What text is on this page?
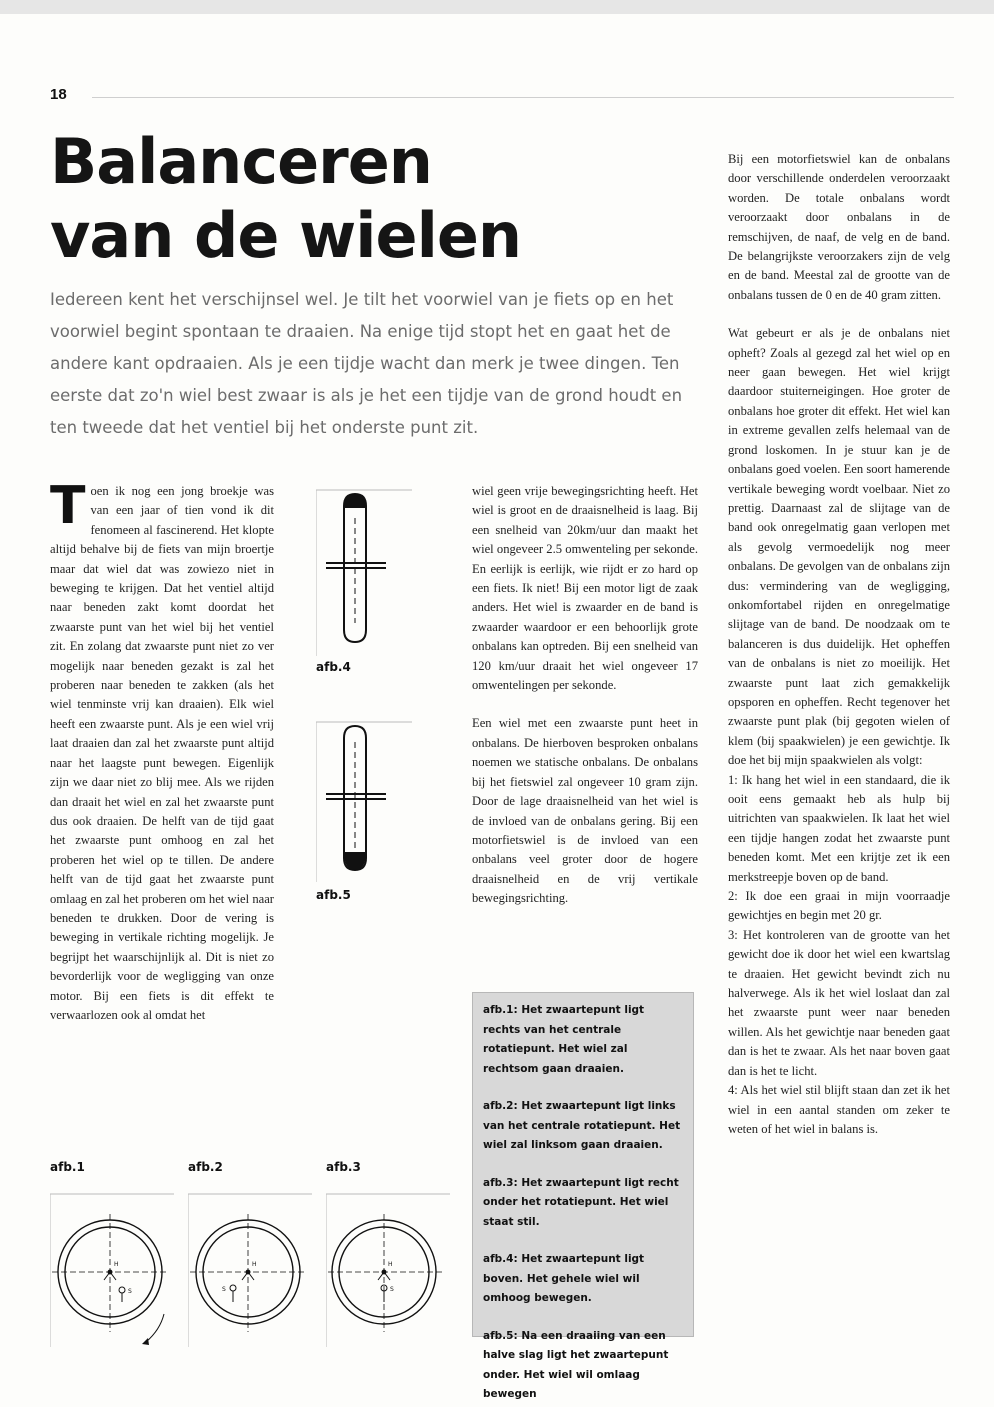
18
Balanceren
van de wielen

Iedereen kent het verschijnsel wel. Je tilt het voorwiel van je fiets op en het voorwiel begint spontaan te draaien. Na enige tijd stopt het en gaat het de andere kant opdraaien. Als je een tijdje wacht dan merk je twee dingen. Ten eerste dat zo'n wiel best zwaar is als je het een tijdje van de grond houdt en ten tweede dat het ventiel bij het onderste punt zit.

Toen ik nog een jong broekje was van een jaar of tien vond ik dit fenomeen al fascinerend. Het klopte altijd behalve bij de fiets van mijn broertje maar dat wiel dat was zowiezo niet in beweging te krijgen. Dat het ventiel altijd naar beneden zakt komt doordat het zwaarste punt van het wiel bij het ventiel zit. En zolang dat zwaarste punt niet zo ver mogelijk naar beneden gezakt is zal het proberen naar beneden te zakken (als het wiel tenminste vrij kan draaien). Elk wiel heeft een zwaarste punt. Als je een wiel vrij laat draaien dan zal het zwaarste punt altijd naar het laagste punt bewegen. Eigenlijk zijn we daar niet zo blij mee. Als we rijden dan draait het wiel en zal het zwaarste punt dus ook draaien. De helft van de tijd gaat het zwaarste punt omhoog en zal het proberen het wiel op te tillen. De andere helft van de tijd gaat het zwaarste punt omlaag en zal het proberen om het wiel naar beneden te drukken. Door de vering is beweging in vertikale richting mogelijk. Je begrijpt het waarschijnlijk al. Dit is niet zo bevorderlijk voor de wegligging van onze motor. Bij een fiets is dit effekt te verwaarlozen ook al omdat het

afb.4
afb.5

wiel geen vrije bewegingsrichting heeft. Het wiel is groot en de draaisnelheid is laag. Bij een snelheid van 20km/uur dan maakt het wiel ongeveer 2.5 omwenteling per sekonde. En eerlijk is eerlijk, wie rijdt er zo hard op een fiets. Ik niet! Bij een motor ligt de zaak anders. Het wiel is zwaarder en de band is zwaarder waardoor er een behoorlijk grote onbalans kan optreden. Bij een snelheid van 120 km/uur draait het wiel ongeveer 17 omwentelingen per sekonde.

Een wiel met een zwaarste punt heet in onbalans. De hierboven besproken onbalans noemen we statische onbalans. De onbalans bij het fietswiel zal ongeveer 10 gram zijn. Door de lage draaisnelheid van het wiel is de invloed van de onbalans gering. Bij een motorfietswiel is de invloed van een onbalans veel groter door de hogere draaisnelheid en de vrij vertikale bewegingsrichting.

afb.1: Het zwaartepunt ligt rechts van het centrale rotatiepunt. Het wiel zal rechtsom gaan draaien.

afb.2: Het zwaartepunt ligt links van het centrale rotatiepunt. Het wiel zal linksom gaan draaien.

afb.3: Het zwaartepunt ligt recht onder het rotatiepunt. Het wiel staat stil.

afb.4: Het zwaartepunt ligt boven. Het gehele wiel wil omhoog bewegen.

afb.5: Na een draaiing van een halve slag ligt het zwaartepunt onder. Het wiel wil omlaag bewegen

Bij een motorfietswiel kan de onbalans door verschillende onderdelen veroorzaakt worden. De totale onbalans wordt veroorzaakt door onbalans in de remschijven, de naaf, de velg en de band. De belangrijkste veroorzakers zijn de velg en de band. Meestal zal de grootte van de onbalans tussen de 0 en de 40 gram zitten.

Wat gebeurt er als je de onbalans niet opheft? Zoals al gezegd zal het wiel op en neer gaan bewegen. Het wiel krijgt daardoor stuiterneigingen. Hoe groter de onbalans hoe groter dit effekt. Het wiel kan in extreme gevallen zelfs helemaal van de grond loskomen. In je stuur kan je de onbalans goed voelen. Een soort hamerende vertikale beweging wordt voelbaar. Niet zo prettig. Daarnaast zal de slijtage van de band ook onregelmatig gaan verlopen met als gevolg vermoedelijk nog meer onbalans. De gevolgen van de onbalans zijn dus: vermindering van de wegligging, onkomfortabel rijden en onregelmatige slijtage van de band. De noodzaak om te balanceren is dus duidelijk. Het opheffen van de onbalans is niet zo moeilijk. Het zwaarste punt laat zich gemakkelijk opsporen en opheffen. Recht tegenover het zwaarste punt plak (bij gegoten wielen of klem (bij spaakwielen) je een gewichtje. Ik doe het bij mijn spaakwielen als volgt:

1: Ik hang het wiel in een standaard, die ik ooit eens gemaakt heb als hulp bij uitrichten van spaakwielen. Ik laat het wiel een tijdje hangen zodat het zwaarste punt beneden komt. Met een krijtje zet ik een merkstreepje boven op de band.
2: Ik doe een graai in mijn voorraadje gewichtjes en begin met 20 gr.
3: Het kontroleren van de grootte van het gewicht doe ik door het wiel een kwartslag te draaien. Het gewicht bevindt zich nu halverwege. Als ik het wiel loslaat dan zal het zwaarste punt weer naar beneden willen. Als het gewichtje naar beneden gaat dan is het te zwaar. Als het naar boven gaat dan is het te licht.
4: Als het wiel stil blijft staan dan zet ik het wiel in een aantal standen om zeker te weten of het wiel in balans is.
afb.1	afb.2	afb.3
H
S
H
S
H
S
